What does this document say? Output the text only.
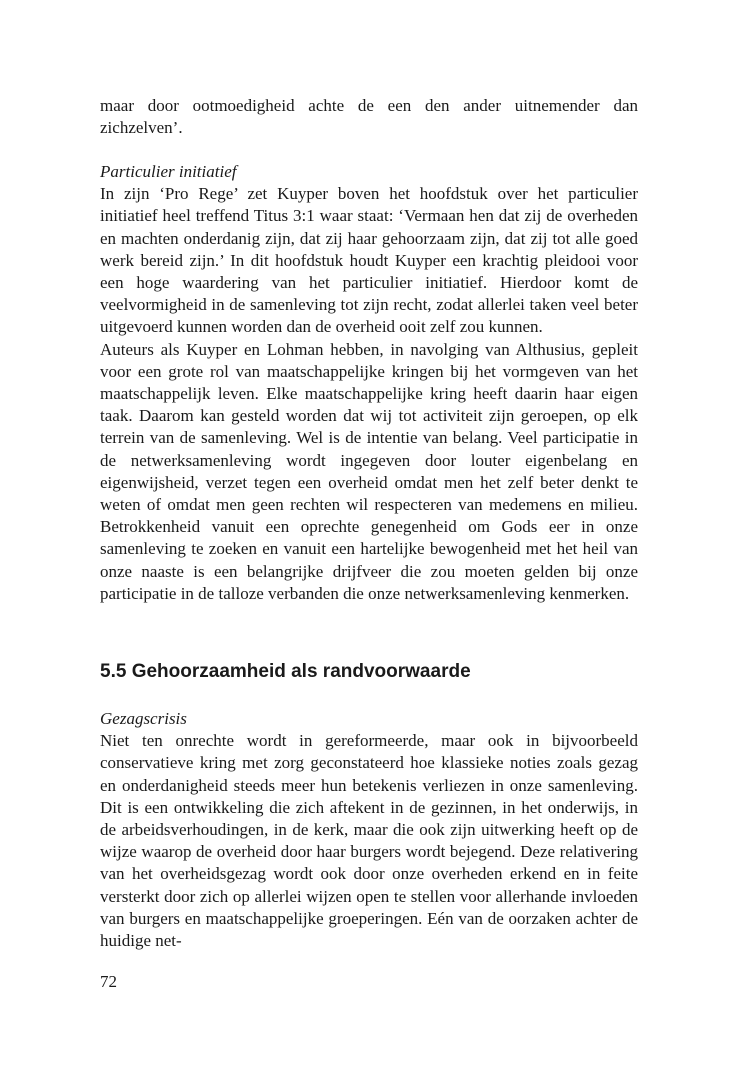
maar door ootmoedigheid achte de een den ander uitnemender dan zichzelven’.

Particulier initiatief

In zijn ‘Pro Rege’ zet Kuyper boven het hoofdstuk over het particulier initiatief heel treffend Titus 3:1 waar staat: ‘Vermaan hen dat zij de overheden en machten onderdanig zijn, dat zij haar gehoorzaam zijn, dat zij tot alle goed werk bereid zijn.’ In dit hoofdstuk houdt Kuyper een krachtig pleidooi voor een hoge waardering van het particulier initiatief. Hierdoor komt de veelvormigheid in de samenleving tot zijn recht, zodat allerlei taken veel beter uitgevoerd kunnen worden dan de overheid ooit zelf zou kunnen.

Auteurs als Kuyper en Lohman hebben, in navolging van Althusius, gepleit voor een grote rol van maatschappelijke kringen bij het vormgeven van het maatschappelijk leven. Elke maatschappelijke kring heeft daarin haar eigen taak. Daarom kan gesteld worden dat wij tot activiteit zijn geroepen, op elk terrein van de samenleving. Wel is de intentie van belang. Veel participatie in de netwerksamenleving wordt ingegeven door louter eigenbelang en eigenwijsheid, verzet tegen een overheid omdat men het zelf beter denkt te weten of omdat men geen rechten wil respecteren van medemens en milieu. Betrokkenheid vanuit een oprechte genegenheid om Gods eer in onze samenleving te zoeken en vanuit een hartelijke bewogenheid met het heil van onze naaste is een belangrijke drijfveer die zou moeten gelden bij onze participatie in de talloze verbanden die onze netwerksamenleving kenmerken.

5.5 Gehoorzaamheid als randvoorwaarde

Gezagscrisis

Niet ten onrechte wordt in gereformeerde, maar ook in bijvoorbeeld conservatieve kring met zorg geconstateerd hoe klassieke noties zoals gezag en onderdanigheid steeds meer hun betekenis verliezen in onze samenleving. Dit is een ontwikkeling die zich aftekent in de gezinnen, in het onderwijs, in de arbeidsverhoudingen, in de kerk, maar die ook zijn uitwerking heeft op de wijze waarop de overheid door haar burgers wordt bejegend. Deze relativering van het overheidsgezag wordt ook door onze overheden erkend en in feite versterkt door zich op allerlei wijzen open te stellen voor allerhande invloeden van burgers en maatschappelijke groeperingen. Eén van de oorzaken achter de huidige net-

72
